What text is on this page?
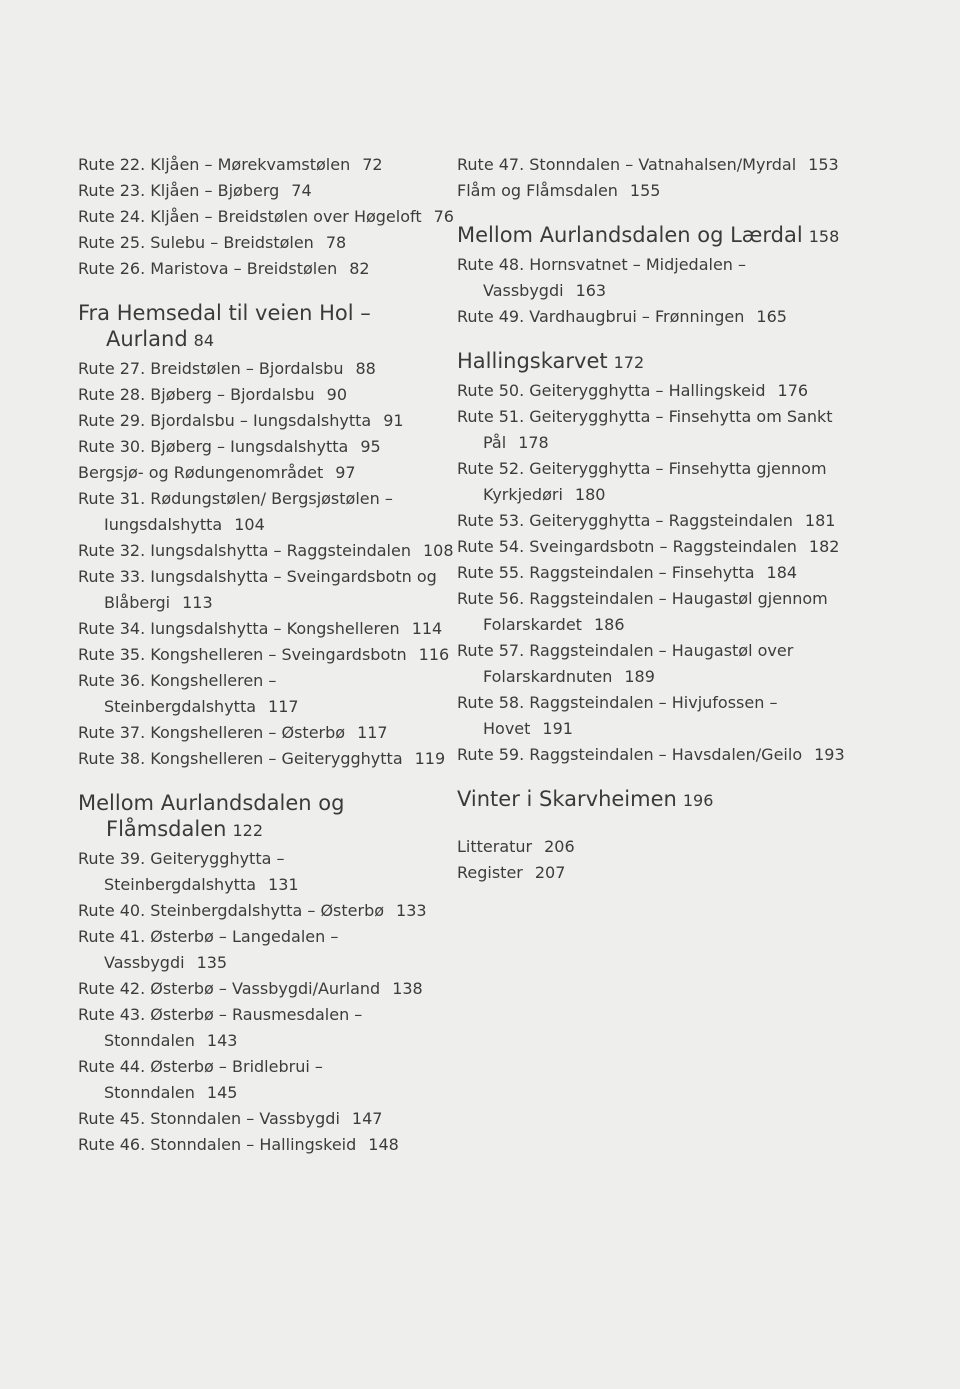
Rute 22. Kljåen – Mørekvamstølen 72
Rute 23. Kljåen – Bjøberg 74
Rute 24. Kljåen – Breidstølen over Høgeloft 76
Rute 25. Sulebu – Breidstølen 78
Rute 26. Maristova – Breidstølen 82
Fra Hemsedal til veien Hol – Aurland 84
Rute 27. Breidstølen – Bjordalsbu 88
Rute 28. Bjøberg – Bjordalsbu 90
Rute 29. Bjordalsbu – Iungsdalshytta 91
Rute 30. Bjøberg – Iungsdalshytta 95
Bergsjø- og Rødungenområdet 97
Rute 31. Rødungstølen/ Bergsjøstølen – Iungsdalshytta 104
Rute 32. Iungsdalshytta – Raggsteindalen 108
Rute 33. Iungsdalshytta – Sveingardsbotn og Blåbergi 113
Rute 34. Iungsdalshytta – Kongshelleren 114
Rute 35. Kongshelleren – Sveingardsbotn 116
Rute 36. Kongshelleren – Steinbergdalshytta 117
Rute 37. Kongshelleren – Østerbø 117
Rute 38. Kongshelleren – Geiterygghytta 119
Mellom Aurlandsdalen og Flåmsdalen 122
Rute 39. Geiterygghytta – Steinbergdalshytta 131
Rute 40. Steinbergdalshytta – Østerbø 133
Rute 41. Østerbø – Langedalen – Vassbygdi 135
Rute 42. Østerbø – Vassbygdi/Aurland 138
Rute 43. Østerbø – Rausmesdalen – Stonndalen 143
Rute 44. Østerbø – Bridlebrui – Stonndalen 145
Rute 45. Stonndalen – Vassbygdi 147
Rute 46. Stonndalen – Hallingskeid 148
Rute 47. Stonndalen – Vatnahalsen/Myrdal 153
Flåm og Flåmsdalen 155
Mellom Aurlandsdalen og Lærdal 158
Rute 48. Hornsvatnet – Midjedalen – Vassbygdi 163
Rute 49. Vardhaugbrui – Frønningen 165
Hallingskarvet 172
Rute 50. Geiterygghytta – Hallingskeid 176
Rute 51. Geiterygghytta – Finsehytta om Sankt Pål 178
Rute 52. Geiterygghytta – Finsehytta gjennom Kyrkjedøri 180
Rute 53. Geiterygghytta – Raggsteindalen 181
Rute 54. Sveingardsbotn – Raggsteindalen 182
Rute 55. Raggsteindalen – Finsehytta 184
Rute 56. Raggsteindalen – Haugastøl gjennom Folarskardet 186
Rute 57. Raggsteindalen – Haugastøl over Folarskardnuten 189
Rute 58. Raggsteindalen – Hivjufossen – Hovet 191
Rute 59. Raggsteindalen – Havsdalen/Geilo 193
Vinter i Skarvheimen 196
Litteratur 206
Register 207
